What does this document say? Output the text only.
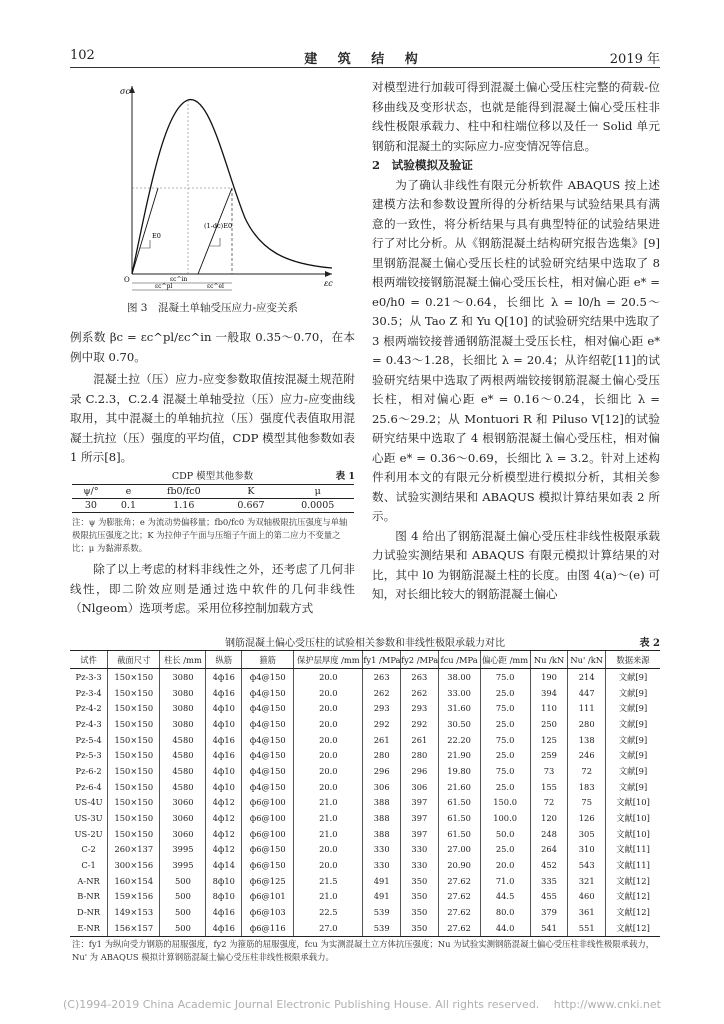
102	建 筑 结 构	2019 年
σc
εc
O
E0
(1-dc)E0
εc^in
εc^el
εc^pl
图 3　混凝土单轴受压应力-应变关系

例系数 βc = εc^pl/εc^in 一般取 0.35～0.70，在本例中取 0.70。

混凝土拉（压）应力-应变参数取值按混凝土规范附录 C.2.3，C.2.4 混凝土单轴受拉（压）应力-应变曲线取用，其中混凝土的单轴抗拉（压）强度代表值取用混凝土抗拉（压）强度的平均值，CDP 模型其他参数如表 1 所示[8]。

CDP 模型其他参数	表 1
ψ/°	e	fb0/fc0	K	μ
30	0.1	1.16	0.667	0.0005
注：ψ 为膨胀角；e 为流动势偏移量；fb0/fc0 为双轴极限抗压强度与单轴极限抗压强度之比；K 为拉伸子午面与压缩子午面上的第二应力不变量之比；μ 为黏滞系数。

除了以上考虑的材料非线性之外，还考虑了几何非线性，即二阶效应则是通过选中软件的几何非线性（Nlgeom）选项考虑。采用位移控制加载方式

对模型进行加载可得到混凝土偏心受压柱完整的荷载-位移曲线及变形状态，也就是能得到混凝土偏心受压柱非线性极限承载力、柱中和柱端位移以及任一 Solid 单元钢筋和混凝土的实际应力-应变情况等信息。

2　试验模拟及验证

为了确认非线性有限元分析软件 ABAQUS 按上述建模方法和参数设置所得的分析结果与试验结果具有满意的一致性，将分析结果与具有典型特征的试验结果进行了对比分析。从《钢筋混凝土结构研究报告选集》[9]里钢筋混凝土偏心受压长柱的试验研究结果中选取了 8 根两端铰接钢筋混凝土偏心受压长柱，相对偏心距 e* = e0/h0 = 0.21～0.64，长细比 λ = l0/h = 20.5～30.5；从 Tao Z 和 Yu Q[10] 的试验研究结果中选取了 3 根两端铰接普通钢筋混凝土受压长柱，相对偏心距 e* = 0.43～1.28，长细比 λ = 20.4；从许绍乾[11]的试验研究结果中选取了两根两端铰接钢筋混凝土偏心受压长柱，相对偏心距 e* = 0.16～0.24，长细比 λ = 25.6～29.2；从 Montuori R 和 Piluso V[12]的试验研究结果中选取了 4 根钢筋混凝土偏心受压柱，相对偏心距 e* = 0.36～0.69，长细比 λ = 3.2。针对上述构件利用本文的有限元分析模型进行模拟分析，其相关参数、试验实测结果和 ABAQUS 模拟计算结果如表 2 所示。

图 4 给出了钢筋混凝土偏心受压柱非线性极限承载力试验实测结果和 ABAQUS 有限元模拟计算结果的对比，其中 l0 为钢筋混凝土柱的长度。由图 4(a)～(e) 可知，对长细比较大的钢筋混凝土偏心

钢筋混凝土偏心受压柱的试验相关参数和非线性极限承载力对比	表 2
试件	截面尺寸	柱长 /mm	纵筋	箍筋	保护层厚度 /mm	fy1 /MPa	fy2 /MPa	fcu /MPa	偏心距 /mm	Nu /kN	Nu' /kN	数据来源
Pz-3-3	150×150	3080	4ф16	ф4@150	20.0	263	263	38.00	75.0	190	214	文献[9]
Pz-3-4	150×150	3080	4ф16	ф4@150	20.0	262	262	33.00	25.0	394	447	文献[9]
Pz-4-2	150×150	3080	4ф10	ф4@150	20.0	293	293	31.60	75.0	110	111	文献[9]
Pz-4-3	150×150	3080	4ф10	ф4@150	20.0	292	292	30.50	25.0	250	280	文献[9]
Pz-5-4	150×150	4580	4ф16	ф4@150	20.0	261	261	22.20	75.0	125	138	文献[9]
Pz-5-3	150×150	4580	4ф16	ф4@150	20.0	280	280	21.90	25.0	259	246	文献[9]
Pz-6-2	150×150	4580	4ф10	ф4@150	20.0	296	296	19.80	75.0	73	72	文献[9]
Pz-6-4	150×150	4580	4ф10	ф4@150	20.0	306	306	21.60	25.0	155	183	文献[9]
US-4U	150×150	3060	4ф12	ф6@100	21.0	388	397	61.50	150.0	72	75	文献[10]
US-3U	150×150	3060	4ф12	ф6@100	21.0	388	397	61.50	100.0	120	126	文献[10]
US-2U	150×150	3060	4ф12	ф6@100	21.0	388	397	61.50	50.0	248	305	文献[10]
C-2	260×137	3995	4ф12	ф6@150	20.0	330	330	27.00	25.0	264	310	文献[11]
C-1	300×156	3995	4ф14	ф6@150	20.0	330	330	20.90	20.0	452	543	文献[11]
A-NR	160×154	500	8ф10	ф6@125	21.5	491	350	27.62	71.0	335	321	文献[12]
B-NR	159×156	500	8ф10	ф6@101	21.0	491	350	27.62	44.5	455	460	文献[12]
D-NR	149×153	500	4ф16	ф6@103	22.5	539	350	27.62	80.0	379	361	文献[12]
E-NR	156×157	500	4ф16	ф6@116	27.0	539	350	27.62	44.0	541	551	文献[12]
注：fy1 为纵向受力钢筋的屈服强度，fy2 为箍筋的屈服强度，fcu 为实测混凝土立方体抗压强度；Nu 为试验实测钢筋混凝土偏心受压柱非线性极限承载力，Nu' 为 ABAQUS 模拟计算钢筋混凝土偏心受压柱非线性极限承载力。
(C)1994-2019 China Academic Journal Electronic Publishing House. All rights reserved.　 http://www.cnki.net
